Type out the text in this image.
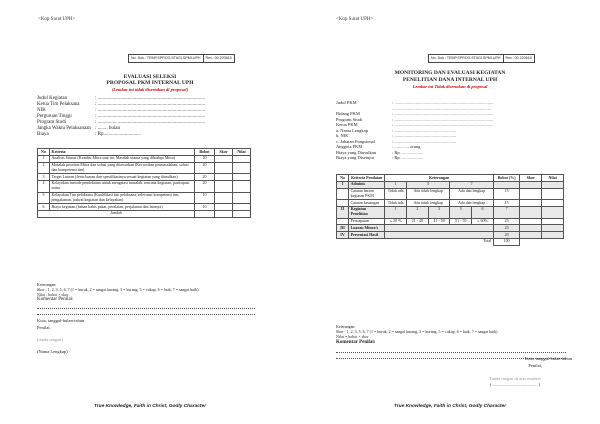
<Kop Surat UPH>
No. Dok.: TEMP.SPROG.STAGI.SPMI-UPH	Rev.: 00 220816
EVALUASI SELEKSI
PROPOSAL PKM INTERNAL UPH
(Lembar ini tidak disertakan di proposal)
Judul Kegiatan	: ......................................................................................
Ketua Tim Pelaksana	: ......................................................................................
NIK	: ......................................................................................
Perguruan Tinggi	: ......................................................................................
Program Studi	: ......................................................................................
Jangka Waktu Pelaksanaan : ........ bulan
Biaya	: Rp..............................
No	Kriteria	Bobot	Skor	Nilai
1	Analisis Situasi (Kondisi Mitra saat ini, Masalah utama yang dihadapi Mitra)	20		
2	Masalah prioritas Mitra dan solusi yang ditawarkan (Kecocokan permasalahan, solusi dan kompetensi tim)	20		
3	Target Luaran (Jenis luaran dan spesifikasinya sesuai kegiatan yang diusulkan)	20		
4	Kelayakan metode pendekatan untuk mengatasi masalah, rencana kegiatan, partisipasi mitra	20		
5	Kelayakan Tim pelaksana (Kualifikasi tim pelaksana, relevansi kompetensi tim, pengalaman, jadwal kegiatan dan kelayakan)	10		
6	Biaya kegiatan (bahan habis pakai, peralatan, perjalanan dan lainnya)	10		
Jumlah				
Keterangan:
Skor : 1, 2, 3, 5, 6, 7 (1 = buruk, 2 = sangat kurang, 3 = kurang, 5 = cukup, 6 = baik, 7 = sangat baik)
Nilai : bobot × skor
Komentar Penilai:
Kota, tanggal-bulan-tahun
Penilai,
(tanda tangan)
(Nama Lengkap)
True Knowledge, Faith in Christ, Godly Character
<Kop Surat UPH>
No. Dok.: TEMP.SPROG.STAGI.SPMI-UPH	Rev.: 00 220816
MONITORING DAN EVALUASI KEGIATAN
PENELITIAN DANA INTERNAL UPH
Lembar ini Tidak disertakan di proposal
Judul PKM	: ........................................................................................
........................................................................................
Bidang PKM	: ........................................................................................
Program Studi	: ........................................................................................
Ketua PKM	: ........................................................................................
a. Nama Lengkap	: .......................................................
b. NIK	: .......................................................
c. Jabatan Fungsional	: .......................................................
Anggota PKM	: ............. orang
Biaya yang Diusulkan	: Rp. ...................
Biaya yang Disetujui	: Rp. ...................
No	Kriteria Penilaian	Keterangan					Bobot (%)	Skor	Nilai
I	Adminis	1	5		7				
	Catatan harian kegiatan PKM	Tidak ada	Ada tidak lengkap		Ada dan lengkap		15		
	Catatan keuangan	Tidak ada	Ada tidak lengkap		Ada dan lengkap		15		
II	Kegiatan Penelitian	1	2	3	5	6	7		
	Pencapaian	≤ 20 %	21 - 40	41 - 50	51 - 59	≥ 60%	25		
III	Luaran Minor/s						25		
IV	Persentasi Hasil						20		
Total							100		
Keterangan:
Skor : 1, 2, 3, 5, 6, 7 (1 = buruk, 2 = sangat kurang, 3 = kurang, 5 = cukup, 6 = baik, 7 = sangat baik)
Nilai = bobot × skor
Komentar Penilai:
Kota, tanggal-bulan-tahun
Penilai,
Tanda tangan di atas materai
( ........................................ )
True Knowledge, Faith in Christ, Godly Character
